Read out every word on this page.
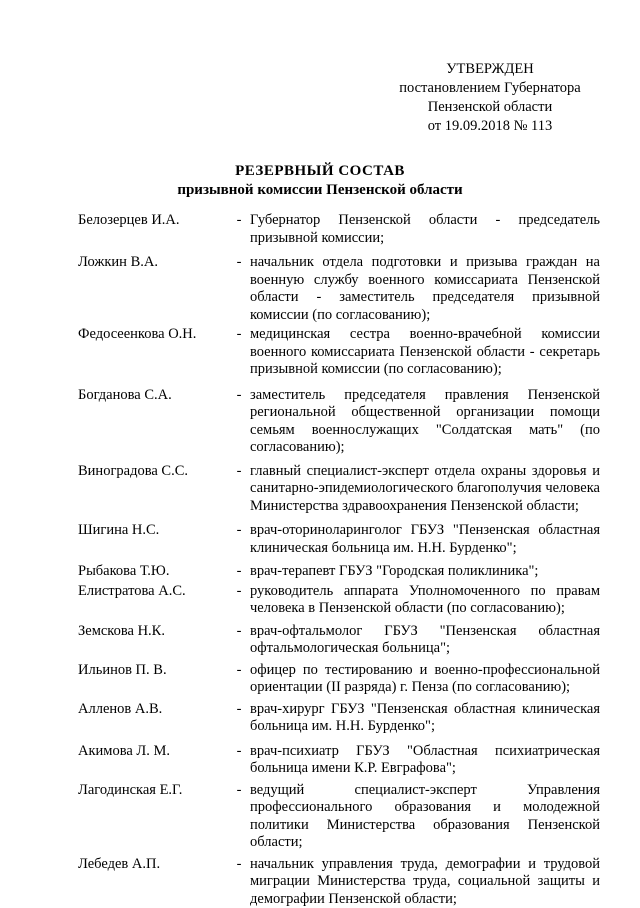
УТВЕРЖДЕН
постановлением Губернатора
Пензенской области
от 19.09.2018 № 113
РЕЗЕРВНЫЙ СОСТАВ
призывной комиссии Пензенской области
Белозерцев И.А.	- Губернатор Пензенской области - председатель призывной комиссии;
Ложкин В.А.	- начальник отдела подготовки и призыва граждан на военную службу военного комиссариата Пензенской области - заместитель председателя призывной комиссии (по согласованию);
Федосеенкова О.Н.	- медицинская сестра военно-врачебной комиссии военного комиссариата Пензенской области - секретарь призывной комиссии (по согласованию);
Богданова С.А.	- заместитель председателя правления Пензенской региональной общественной организации помощи семьям военнослужащих "Солдатская мать" (по согласованию);
Виноградова С.С.	- главный специалист-эксперт отдела охраны здоровья и санитарно-эпидемиологического благополучия человека Министерства здравоохранения Пензенской области;
Шигина Н.С.	- врач-оториноларинголог ГБУЗ "Пензенская областная клиническая больница им. Н.Н. Бурденко";
Рыбакова Т.Ю.	- врач-терапевт ГБУЗ "Городская поликлиника";
Елистратова А.С.	- руководитель аппарата Уполномоченного по правам человека в Пензенской области (по согласованию);
Земскова Н.К.	- врач-офтальмолог ГБУЗ "Пензенская областная офтальмологическая больница";
Ильинов П. В.	- офицер по тестированию и военно-профессиональной ориентации (II разряда) г. Пенза (по согласованию);
Алленов А.В.	- врач-хирург ГБУЗ "Пензенская областная клиническая больница им. Н.Н. Бурденко";
Акимова Л. М.	- врач-психиатр ГБУЗ "Областная психиатрическая больница имени К.Р. Евграфова";
Лагодинская Е.Г.	- ведущий специалист-эксперт Управления профессионального образования и молодежной политики Министерства образования Пензенской области;
Лебедев А.П.	- начальник управления труда, демографии и трудовой миграции Министерства труда, социальной защиты и демографии Пензенской области;
